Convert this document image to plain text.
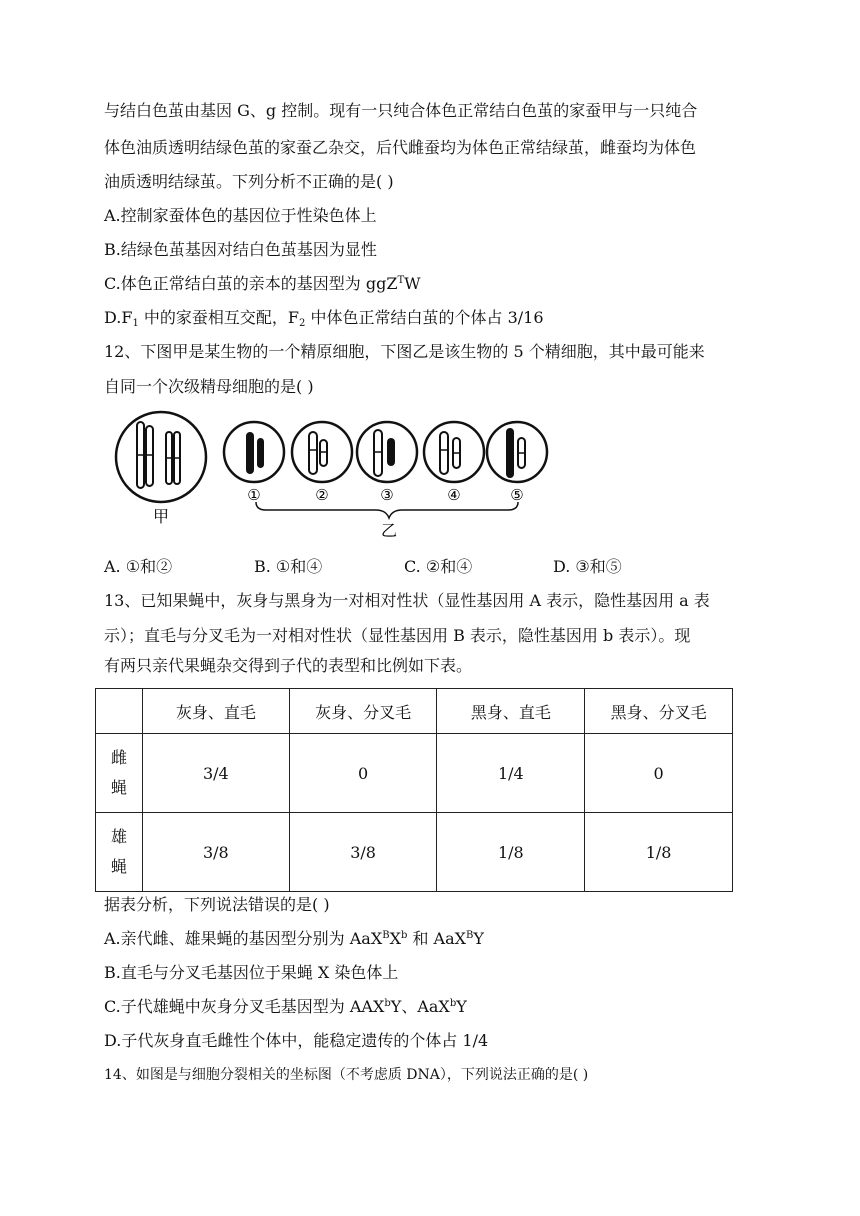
与结白色茧由基因 G、g 控制。现有一只纯合体色正常结白色茧的家蚕甲与一只纯合
体色油质透明结绿色茧的家蚕乙杂交，后代雌蚕均为体色正常结绿茧，雌蚕均为体色
油质透明结绿茧。下列分析不正确的是( )
A.控制家蚕体色的基因位于性染色体上
B.结绿色茧基因对结白色茧基因为显性
C.体色正常结白茧的亲本的基因型为 ggZ$^T$W
$D.F_1$ 中的家蚕相互交配，$F_2$ 中体色正常结白茧的个体占 3/16
12、下图甲是某生物的一个精原细胞，下图乙是该生物的 5 个精细胞，其中最可能来
自同一个次级精母细胞的是( )
甲
①	②	③	④	⑤
乙
A. ①和②	B. ①和④	C. ②和④	D. ③和⑤
13、已知果蝇中，灰身与黑身为一对相对性状（显性基因用 A 表示，隐性基因用 a 表
示）；直毛与分叉毛为一对相对性状（显性基因用 B 表示，隐性基因用 b 表示）。现
有两只亲代果蝇杂交得到子代的表型和比例如下表。
	灰身、直毛	灰身、分叉毛	黑身、直毛	黑身、分叉毛

雌
蝇	3/4	0	1/4	0

雄
蝇	3/8	3/8	1/8	1/8
据表分析，下列说法错误的是( )
A.亲代雌、雄果蝇的基因型分别为 $AaX^BX^b$ 和 AaX$^B$Y
B.直毛与分叉毛基因位于果蝇 X 染色体上
C.子代雄蝇中灰身分叉毛基因型为 AAX$^b$Y、AaX$^b$Y
D.子代灰身直毛雌性个体中，能稳定遗传的个体占 1/4
14、如图是与细胞分裂相关的坐标图（不考虑质 DNA），下列说法正确的是( )
